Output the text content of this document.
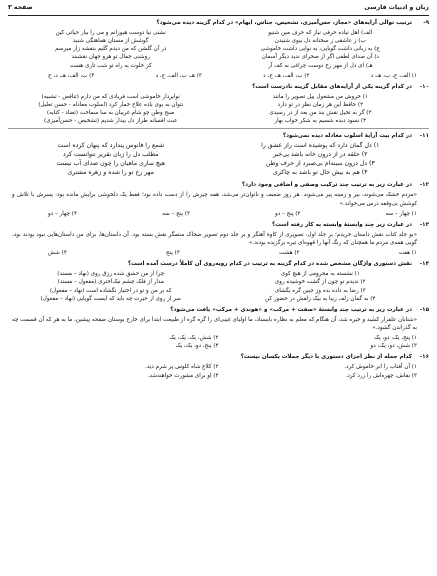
زبان و ادبیات فارسی
صفحه ۳
۹-
ترتیب توالی آرایه‌های «مجاز، حس‌آمیزی، تشخیص، جناس، ایهام» در کدام گزینه دیده می‌شود؟
الف) اهل نیاده حرفی نیاز که حرف مین شنیو
نشنی نیا دوست هیوزانم و می را بیار حیاتی کین
ب) ز عاشقی ز سخنانه دل بیوی شنیدن
گوشش از مستان هماهنگی شنید
ج) به زبانی داشت گویایی، به نوایی داشت خاموشی
در آن گلشن که من دیدم گلیم بنفشه زار میرسم
د) آن صدای لطفی اگر از صحرای ندید دیگر آسمان
روشنی جمال تو هرو جهان نقشبند
هـ) ای دل از مهر رخ دوست چراغی به کف آر
کز خلوت به راه تو شب تاری هست
۱) الف، ج، ب، هـ، د
۲) ب، الف، هـ، ج، د
۳) هـ، ب، الف، ج، د
۴) ب، الف، هـ، د، ج
۱۰-
در کدام گزینه یکی از آرایه‌های مقابل گزینه نادرست است؟
۱) خروش من مشغول پیل تصویر را مانند
نوایردار خاموشی است فریادی که من دارم (تناقض - تشبیه)
۲) حافظ این هر زمان نظر در تو دارد
نتوان به بوی باده علاج خمار کرد (اسلوب معادله - حسن تعلیل)
۳) گر به تخیل نقش بند من بعد از در رسیدی
صبح وطن چو شام غریبان به سا سماخت (تضاد - کنایه)
۴) نسود دیده شسیم به شکر خواب بهار
عبث افسانه طراز دل بیدار شدیم (تشخیص - حسن‌آمیزی)
۱۱-
در کدام بیت آرایهٔ اسلوب معادله دیده نمی‌شود؟
۱) دل گمان دارد که پوشیده است راز عشق را
شمع را فانوس پندارد که پنهان کرده است
۲) حلقه در از درون خانه باشد بی‌خبر
مطلب دل را زبان تقریر نتوانست کرد
۳) دل درون سینه‌ام بی‌صبرد از حرف وطن
هیچ ساری ماهیان را چون صدای آب نیست
۴) هم به بیش حال تو باشد به چاکری
مهر رخ تو را شده و زهره مشتری
۱۲-
در عبارت زیر به ترتیب چند ترکیب وصفی و اضافی وجود دارد؟
«مردم خشک می‌شوند، بیر و زمینه پیر می‌شوند. هر روز ضعیف و ناتوان‌تر می‌شد، همه چیزش را از دست داده بود؛ فقط یک دلخوشی برایش مانده بود: پسرش با تلاش و کوشش بی‌وقفه درس می‌خواند.»
۱) چهار – سه
۲) پنج – دو
۳) پنج – سه
۴) چهار – دو
۱۳-
در عبارت زیر چند وابستهٔ وابسته به کار رفته است؟
«بو جلد کتاب نقش داستان خریدم؛ بر جلد اول، تصویری از کاوهٔ آهنگر و بر جلد دوم تصویر ضحاک ستمگر نقش بسته بود. آن داستان‌ها، برای من داستان‌هایی نبود بودند بود، گویی همه‌ی مردم ما همچنان که رنگ آنها را قهوه‌ای تیره برگزیده بودند.»
۱) هفت
۲) هشت
۳) پنج
۴) شش
۱۴-
نقش دستوری واژگان مشخص شده در کدام گزینه به ترتیب در کدام رویه‌روی آن کاملاً درست آمده است؟
۱) نشسته به محرومی از هیچ کوی
چرا از من حشق شده رزق روی (نهاد – مسند)
۲) ندیدم تو چون از گشت خوشیده روی
مدار از فلک چشم نیک‌اختری (مفعول – مسند)
۳) رضا به داده بده وز جبین گره بگشای
که بر من و تو در اختیار نگشاده است (نهاد – مفعول)
۴) به گمان زلف زیبا به بیک زلفش در حضور کن
سر از روی ار حیرت چه باید که ایست گویایی (نهاد – مفعول)
۱۵-
در عبارت زیر به ترتیب چند وابستهٔ «صفت + مرکب» و «هوندی + مرکب» یافت می‌شود؟
«شتابان علفزار کشید و خیره شد، آن هنگام که معلم به نظاره بایستاد، ما اولیای غیبی‌ای را گره گره از طبیعت ابتدا برای خارج بوستان صفحه پیشین، ما به هر که آن قسمت چه به گذراندن گشود.»
۱) پنج، یک، دو، یک
۲) شش، یک، یک، یک
۳) شش، دو، یک، دو
۴) پنج، دو، یک، یک
۱۶-
کدام جمله از نظر اجزای دستوری با دیگر جملات یکسان نیست؟
۱) آن آفتاب را ابر خاموش کرد.
۲) کلاغ شاه کلوس پر شرم دید.
۳) نقاش، چهره‌اش را زرد کرد.
۴) او برای مشورت خواهندشد.
